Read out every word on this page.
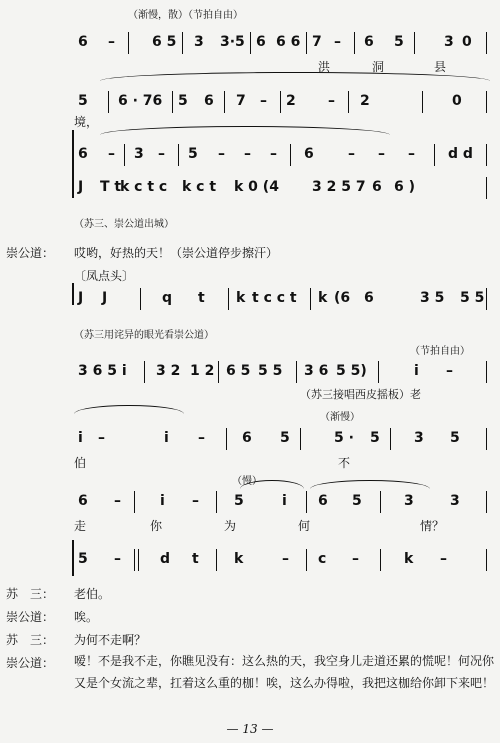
（渐慢，散）（节拍自由）
（苏三、崇公道出城）
（苏三用诧异的眼光看崇公道）
（节拍自由）
（苏三接唱西皮摇板）老
（渐慢）
（慢）
6 –	6 5 3 3·5 6 6 6 7 – 6 5	3 0
5 6 · 76 5 6 7 – 2 – 2	0
6 – 3 – 5 – – – 6 – – – d d
J T t
k c t c k c t k 0 (4 3 2 5 7 6 6 )
J J	q t k t c c t k (6 6	3 5 5 5
3 6 5 i 3 2 1 2 6 5 5 5 3 6 5 5)	i –
i –	i –	6 5	5 · 5 3 5
6 –	i –	5	i 6 5	3	3
5 –	d t	k	– c –	k –
洪	洞	县
境，
伯	不
走	你	为	何	情？
崇公道： 哎哟，好热的天！（崇公道停步擦汗）
〔凤点头〕
苏　三： 老伯。
崇公道： 唉。
苏　三： 为何不走啊？
崇公道： 嗳！不是我不走，你瞧见没有：这么热的天，我空身儿走道还累的慌呢！何况你又是个女流之辈，扛着这么重的枷！唉，这么办得啦，我把这枷给你卸下来吧！
— 13 —
